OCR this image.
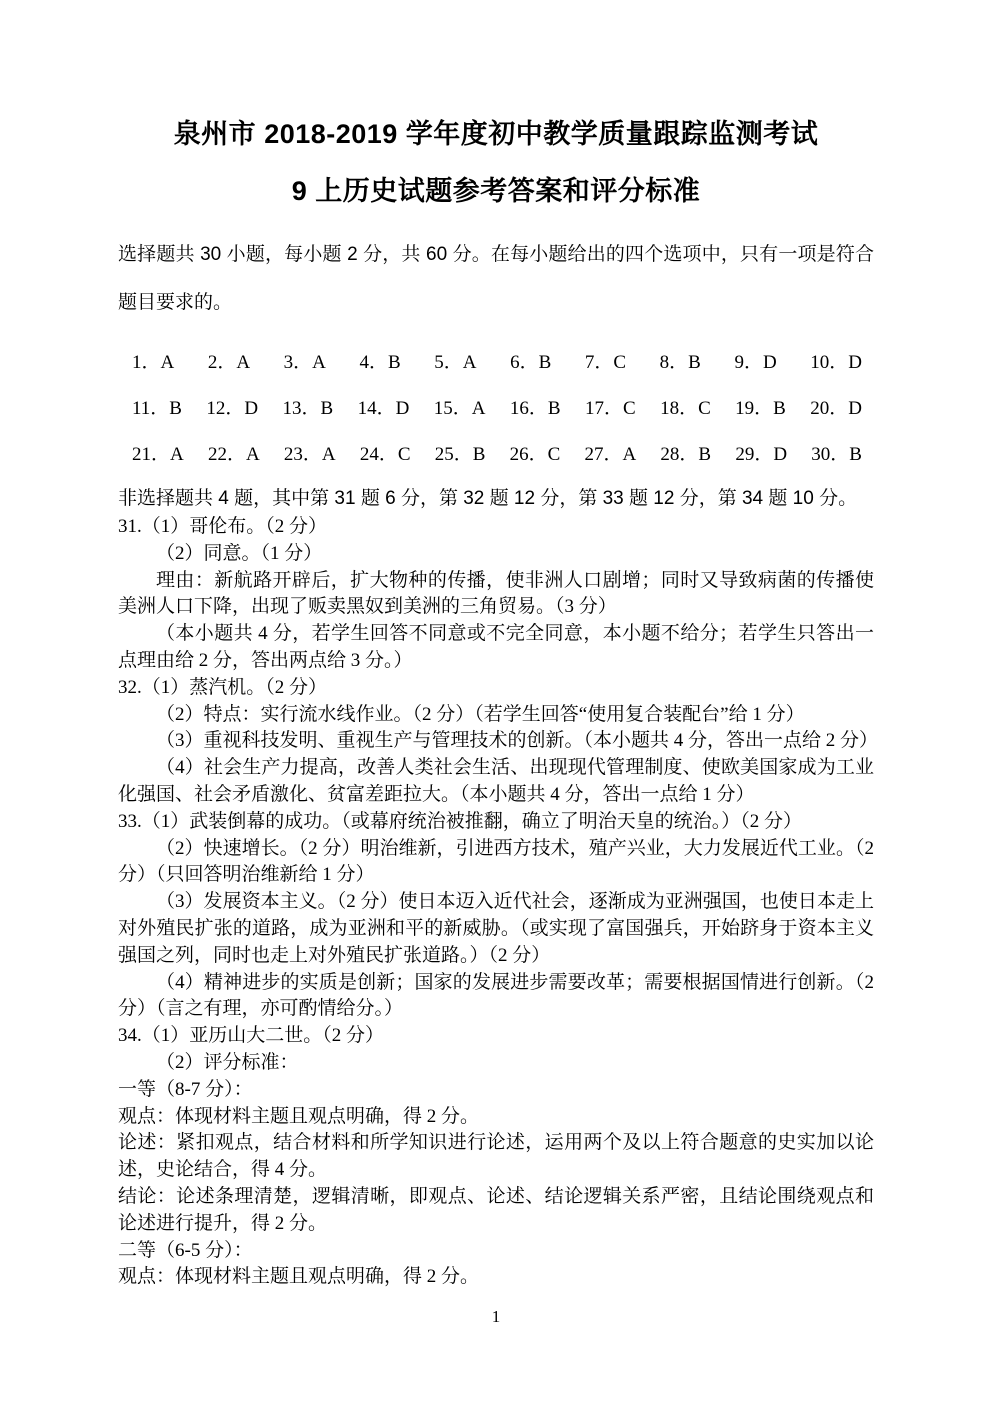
泉州市 2018-2019 学年度初中教学质量跟踪监测考试
9 上历史试题参考答案和评分标准

选择题共 30 小题，每小题 2 分，共 60 分。在每小题给出的四个选项中，只有一项是符合题目要求的。

1．A 2．A 3．A 4．B 5．A 6．B 7．C 8．B 9．D 10．D
11．B 12．D 13．B 14．D 15．A 16．B 17．C 18．C 19．B 20．D
21．A 22．A 23．A 24．C 25．B 26．C 27．A 28．B 29．D 30．B

非选择题共 4 题，其中第 31 题 6 分，第 32 题 12 分，第 33 题 12 分，第 34 题 10 分。

31.（1）哥伦布。（2 分）

（2）同意。（1 分）

理由：新航路开辟后，扩大物种的传播，使非洲人口剧增；同时又导致病菌的传播使美洲人口下降，出现了贩卖黑奴到美洲的三角贸易。（3 分）

（本小题共 4 分，若学生回答不同意或不完全同意，本小题不给分；若学生只答出一点理由给 2 分，答出两点给 3 分。）

32.（1）蒸汽机。（2 分）

（2）特点：实行流水线作业。（2 分）（若学生回答“使用复合装配台”给 1 分）

（3）重视科技发明、重视生产与管理技术的创新。（本小题共 4 分，答出一点给 2 分）

（4）社会生产力提高，改善人类社会生活、出现现代管理制度、使欧美国家成为工业化强国、社会矛盾激化、贫富差距拉大。（本小题共 4 分，答出一点给 1 分）

33.（1）武装倒幕的成功。（或幕府统治被推翻，确立了明治天皇的统治。）（2 分）

（2）快速增长。（2 分）明治维新，引进西方技术，殖产兴业，大力发展近代工业。（2 分）（只回答明治维新给 1 分）

（3）发展资本主义。（2 分）使日本迈入近代社会，逐渐成为亚洲强国，也使日本走上对外殖民扩张的道路，成为亚洲和平的新威胁。（或实现了富国强兵，开始跻身于资本主义强国之列，同时也走上对外殖民扩张道路。）（2 分）

（4）精神进步的实质是创新；国家的发展进步需要改革；需要根据国情进行创新。（2 分）（言之有理，亦可酌情给分。）

34.（1）亚历山大二世。（2 分）

（2）评分标准：

一等（8-7 分）：

观点：体现材料主题且观点明确，得 2 分。

论述：紧扣观点，结合材料和所学知识进行论述，运用两个及以上符合题意的史实加以论述，史论结合，得 4 分。

结论：论述条理清楚，逻辑清晰，即观点、论述、结论逻辑关系严密，且结论围绕观点和论述进行提升，得 2 分。

二等（6-5 分）：

观点：体现材料主题且观点明确，得 2 分。

1
